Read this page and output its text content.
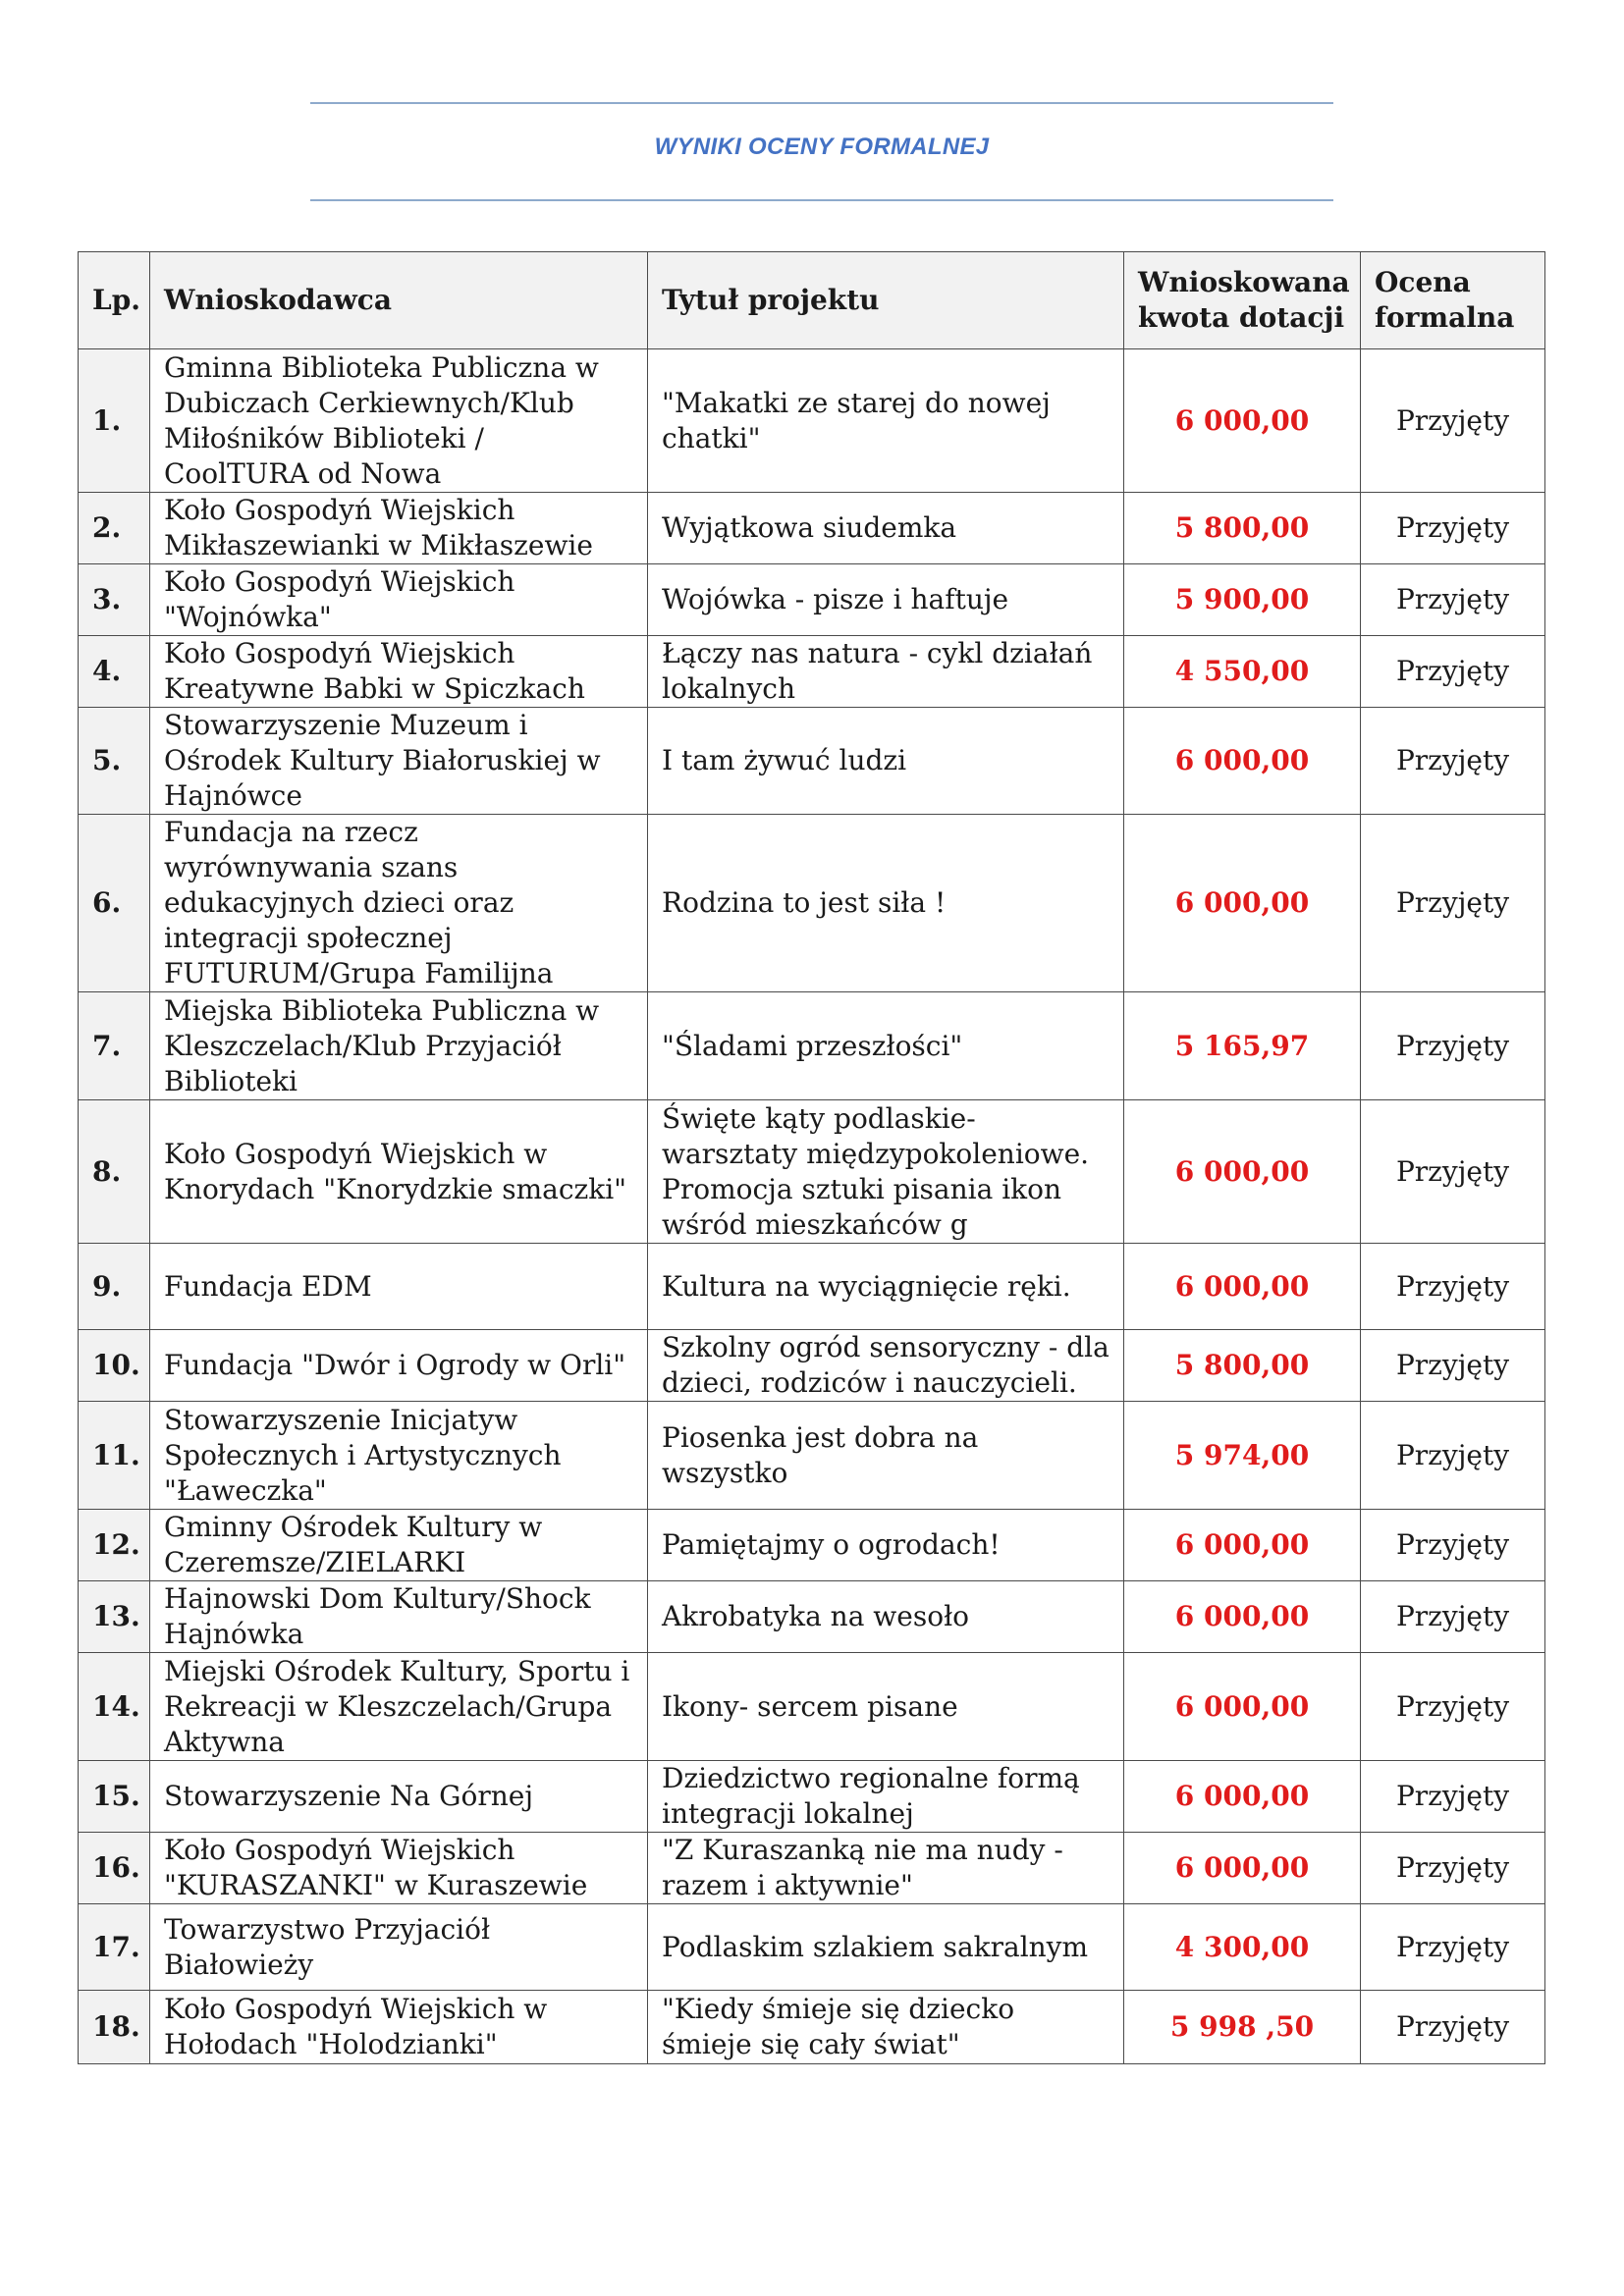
WYNIKI OCENY FORMALNEJ
Lp.	Wnioskodawca	Tytuł projektu	Wnioskowana kwota dotacji	Ocena formalna
1.	Gminna Biblioteka Publiczna w Dubiczach Cerkiewnych/Klub Miłośników Biblioteki / CoolTURA od Nowa	"Makatki ze starej do nowej chatki"	6 000,00	Przyjęty
2.	Koło Gospodyń Wiejskich Mikłaszewianki w Mikłaszewie	Wyjątkowa siudemka	5 800,00	Przyjęty
3.	Koło Gospodyń Wiejskich "Wojnówka"	Wojówka - pisze i haftuje	5 900,00	Przyjęty
4.	Koło Gospodyń Wiejskich Kreatywne Babki w Spiczkach	Łączy nas natura - cykl działań lokalnych	4 550,00	Przyjęty
5.	Stowarzyszenie Muzeum i Ośrodek Kultury Białoruskiej w Hajnówce	I tam żywuć ludzi	6 000,00	Przyjęty
6.	Fundacja na rzecz wyrównywania szans edukacyjnych dzieci oraz integracji społecznej FUTURUM/Grupa Familijna	Rodzina to jest siła !	6 000,00	Przyjęty
7.	Miejska Biblioteka Publiczna w Kleszczelach/Klub Przyjaciół Biblioteki	"Śladami przeszłości"	5 165,97	Przyjęty
8.	Koło Gospodyń Wiejskich w Knorydach "Knorydzkie smaczki"	Święte kąty podlaskie- warsztaty międzypokoleniowe. Promocja sztuki pisania ikon wśród mieszkańców g	6 000,00	Przyjęty
9.	Fundacja EDM	Kultura na wyciągnięcie ręki.	6 000,00	Przyjęty
10.	Fundacja "Dwór i Ogrody w Orli"	Szkolny ogród sensoryczny - dla dzieci, rodziców i nauczycieli.	5 800,00	Przyjęty
11.	Stowarzyszenie Inicjatyw Społecznych i Artystycznych "Ławeczka"	Piosenka jest dobra na wszystko	5 974,00	Przyjęty
12.	Gminny Ośrodek Kultury w Czeremsze/ZIELARKI	Pamiętajmy o ogrodach!	6 000,00	Przyjęty
13.	Hajnowski Dom Kultury/Shock Hajnówka	Akrobatyka na wesoło	6 000,00	Przyjęty
14.	Miejski Ośrodek Kultury, Sportu i Rekreacji w Kleszczelach/Grupa Aktywna	Ikony- sercem pisane	6 000,00	Przyjęty
15.	Stowarzyszenie Na Górnej	Dziedzictwo regionalne formą integracji lokalnej	6 000,00	Przyjęty
16.	Koło Gospodyń Wiejskich "KURASZANKI" w Kuraszewie	"Z Kuraszanką nie ma nudy - razem i aktywnie"	6 000,00	Przyjęty
17.	Towarzystwo Przyjaciół Białowieży	Podlaskim szlakiem sakralnym	4 300,00	Przyjęty
18.	Koło Gospodyń Wiejskich w Hołodach "Holodzianki"	"Kiedy śmieje się dziecko śmieje się cały świat"	5 998 ,50	Przyjęty
